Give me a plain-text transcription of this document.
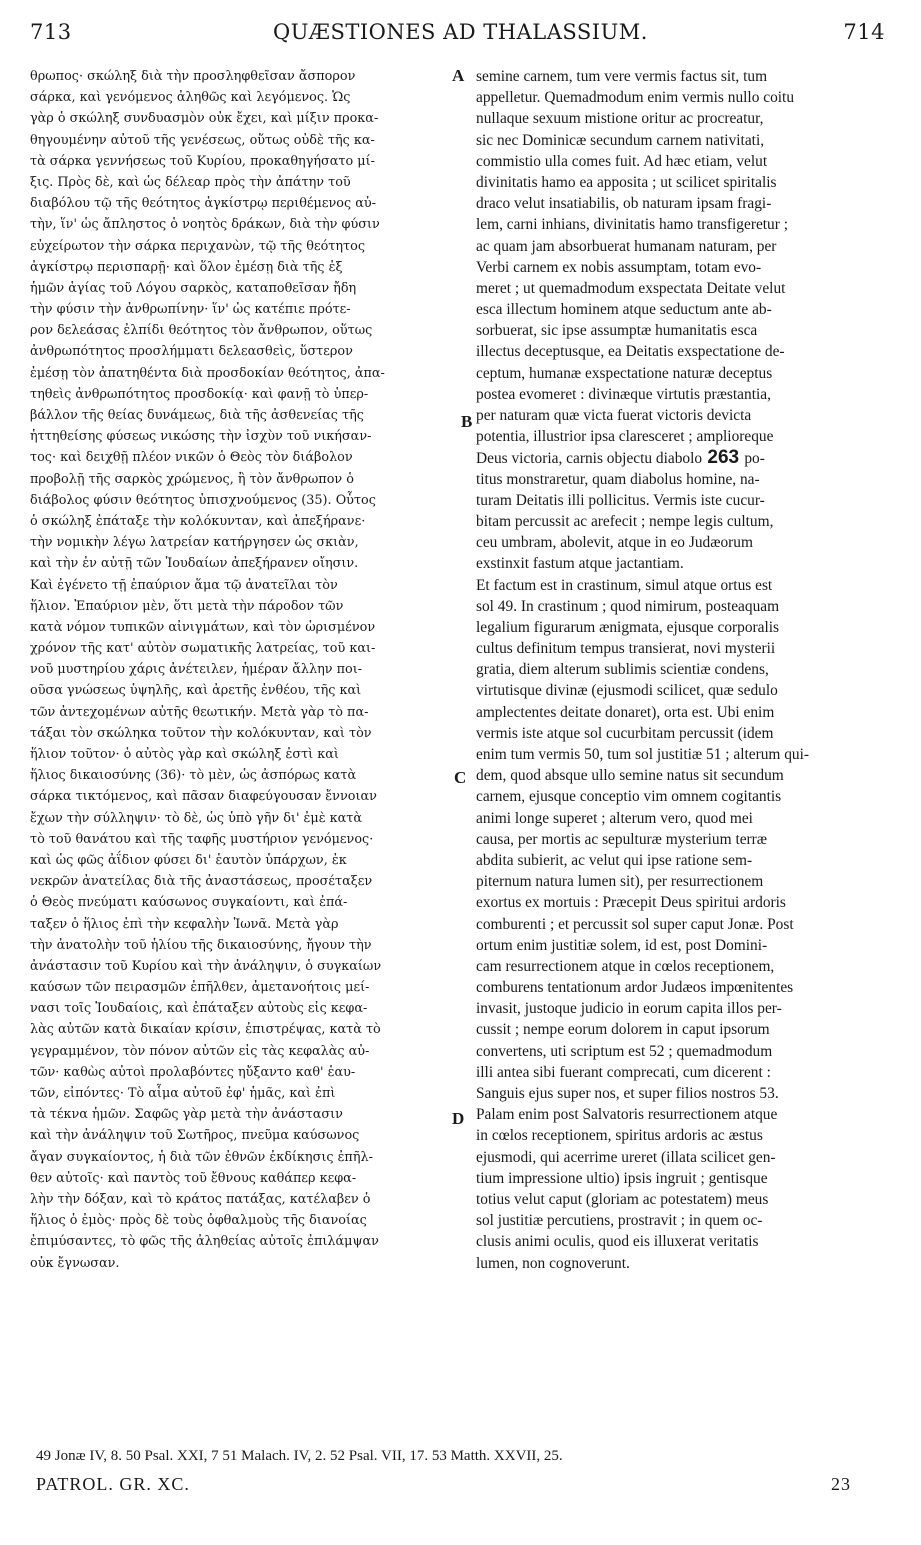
713	QUÆSTIONES AD THALASSIUM.	714
θρωπος· σκώληξ διὰ τὴν προσληφθεῖσαν ἄσπορον
σάρκα, καὶ γενόμενος ἀληθῶς καὶ λεγόμενος. Ὡς
γὰρ ὁ σκώληξ συνδυασμὸν οὐκ ἔχει, καὶ μίξιν προκα-
θηγουμένην αὐτοῦ τῆς γενέσεως, οὕτως οὐδὲ τῆς κα-
τὰ σάρκα γεννήσεως τοῦ Κυρίου, προκαθηγήσατο μί-
ξις. Πρὸς δὲ, καὶ ὡς δέλεαρ πρὸς τὴν ἀπάτην τοῦ
διαβόλου τῷ τῆς θεότητος ἀγκίστρῳ περιθέμενος αὐ-
τὴν, ἵν' ὡς ἄπληστος ὁ νοητὸς δράκων, διὰ τὴν φύσιν
εὐχείρωτον τὴν σάρκα περιχανὼν, τῷ τῆς θεότητος
ἀγκίστρῳ περισπαρῇ· καὶ ὅλον ἐμέσῃ διὰ τῆς ἐξ
ἡμῶν ἁγίας τοῦ Λόγου σαρκὸς, καταποθεῖσαν ἤδη
τὴν φύσιν τὴν ἀνθρωπίνην· ἵν' ὡς κατέπιε πρότε-
ρον δελεάσας ἐλπίδι θεότητος τὸν ἄνθρωπον, οὕτως
ἀνθρωπότητος προσλήμματι δελεασθεὶς, ὕστερον
ἐμέσῃ τὸν ἀπατηθέντα διὰ προσδοκίαν θεότητος, ἀπα-
τηθεὶς ἀνθρωπότητος προσδοκίᾳ· καὶ φανῇ τὸ ὑπερ-
βάλλον τῆς θείας δυνάμεως, διὰ τῆς ἀσθενείας τῆς
ἡττηθείσης φύσεως νικώσης τὴν ἰσχὺν τοῦ νικήσαν-
τος· καὶ δειχθῇ πλέον νικῶν ὁ Θεὸς τὸν διάβολον
προβολῇ τῆς σαρκὸς χρώμενος, ἢ τὸν ἄνθρωπον ὁ
διάβολος φύσιν θεότητος ὑπισχνούμενος (35). Οὗτος
ὁ σκώληξ ἐπάταξε τὴν κολόκυνταν, καὶ ἀπεξήρανε·
τὴν νομικὴν λέγω λατρείαν κατήργησεν ὡς σκιὰν,
καὶ τὴν ἐν αὐτῇ τῶν Ἰουδαίων ἀπεξήρανεν οἴησιν.
Καὶ ἐγένετο τῇ ἐπαύριον ἅμα τῷ ἀνατεῖλαι τὸν
ἥλιον. Ἐπαύριον μὲν, ὅτι μετὰ τὴν πάροδον τῶν
κατὰ νόμον τυπικῶν αἰνιγμάτων, καὶ τὸν ὡρισμένον
χρόνον τῆς κατ' αὐτὸν σωματικῆς λατρείας, τοῦ και-
νοῦ μυστηρίου χάρις ἀνέτειλεν, ἡμέραν ἄλλην ποι-
οῦσα γνώσεως ὑψηλῆς, καὶ ἀρετῆς ἐνθέου, τῆς καὶ
τῶν ἀντεχομένων αὐτῆς θεωτικήν. Μετὰ γὰρ τὸ πα-
τάξαι τὸν σκώληκα τοῦτον τὴν κολόκυνταν, καὶ τὸν
ἥλιον τοῦτον· ὁ αὐτὸς γὰρ καὶ σκώληξ ἐστὶ καὶ
ἥλιος δικαιοσύνης (36)· τὸ μὲν, ὡς ἀσπόρως κατὰ
σάρκα τικτόμενος, καὶ πᾶσαν διαφεύγουσαν ἔννοιαν
ἔχων τὴν σύλληψιν· τὸ δὲ, ὡς ὑπὸ γῆν δι' ἐμὲ κατὰ
τὸ τοῦ θανάτου καὶ τῆς ταφῆς μυστήριον γενόμενος·
καὶ ὡς φῶς ἀΐδιον φύσει δι' ἑαυτὸν ὑπάρχων, ἐκ
νεκρῶν ἀνατείλας διὰ τῆς ἀναστάσεως, προσέταξεν
ὁ Θεὸς πνεύματι καύσωνος συγκαίοντι, καὶ ἐπά-
ταξεν ὁ ἥλιος ἐπὶ τὴν κεφαλὴν Ἰωνᾶ. Μετὰ γὰρ
τὴν ἀνατολὴν τοῦ ἡλίου τῆς δικαιοσύνης, ἤγουν τὴν
ἀνάστασιν τοῦ Κυρίου καὶ τὴν ἀνάληψιν, ὁ συγκαίων
καύσων τῶν πειρασμῶν ἐπῆλθεν, ἀμετανοήτοις μεί-
νασι τοῖς Ἰουδαίοις, καὶ ἐπάταξεν αὐτοὺς εἰς κεφα-
λὰς αὐτῶν κατὰ δικαίαν κρίσιν, ἐπιστρέψας, κατὰ τὸ
γεγραμμένον, τὸν πόνον αὐτῶν εἰς τὰς κεφαλὰς αὐ-
τῶν· καθὼς αὐτοὶ προλαβόντες ηὔξαντο καθ' ἑαυ-
τῶν, εἰπόντες· Τὸ αἷμα αὐτοῦ ἐφ' ἡμᾶς, καὶ ἐπὶ
τὰ τέκνα ἡμῶν. Σαφῶς γὰρ μετὰ τὴν ἀνάστασιν
καὶ τὴν ἀνάληψιν τοῦ Σωτῆρος, πνεῦμα καύσωνος
ἄγαν συγκαίοντος, ἡ διὰ τῶν ἐθνῶν ἐκδίκησις ἐπῆλ-
θεν αὐτοῖς· καὶ παντὸς τοῦ ἔθνους καθάπερ κεφα-
λὴν τὴν δόξαν, καὶ τὸ κράτος πατάξας, κατέλαβεν ὁ
ἥλιος ὁ ἐμὸς· πρὸς δὲ τοὺς ὀφθαλμοὺς τῆς διανοίας
ἐπιμύσαντες, τὸ φῶς τῆς ἀληθείας αὐτοῖς ἐπιλάμψαν
οὐκ ἔγνωσαν.
A
B
C
D
semine carnem, tum vere vermis factus sit, tum
appelletur. Quemadmodum enim vermis nullo coitu
nullaque sexuum mistione oritur ac procreatur,
sic nec Dominicæ secundum carnem nativitati,
commistio ulla comes fuit. Ad hæc etiam, velut
divinitatis hamo ea apposita ; ut scilicet spiritalis
draco velut insatiabilis, ob naturam ipsam fragi-
lem, carni inhians, divinitatis hamo transfigeretur ;
ac quam jam absorbuerat humanam naturam, per
Verbi carnem ex nobis assumptam, totam evo-
meret ; ut quemadmodum exspectata Deitate velut
esca illectum hominem atque seductum ante ab-
sorbuerat, sic ipse assumptæ humanitatis esca
illectus deceptusque, ea Deitatis exspectatione de-
ceptum, humanæ exspectatione naturæ deceptus
postea evomeret : divinæque virtutis præstantia,
per naturam quæ victa fuerat victoris devicta
potentia, illustrior ipsa claresceret ; amplioreque
Deus victoria, carnis objectu diabolo 263 po-
titus monstraretur, quam diabolus homine, na-
turam Deitatis illi pollicitus. Vermis iste cucur-
bitam percussit ac arefecit ; nempe legis cultum,
ceu umbram, abolevit, atque in eo Judæorum
exstinxit fastum atque jactantiam.
Et factum est in crastinum, simul atque ortus est
sol 49. In crastinum ; quod nimirum, posteaquam
legalium figurarum ænigmata, ejusque corporalis
cultus definitum tempus transierat, novi mysterii
gratia, diem alterum sublimis scientiæ condens,
virtutisque divinæ (ejusmodi scilicet, quæ sedulo
amplectentes deitate donaret), orta est. Ubi enim
vermis iste atque sol cucurbitam percussit (idem
enim tum vermis 50, tum sol justitiæ 51 ; alterum qui-
dem, quod absque ullo semine natus sit secundum
carnem, ejusque conceptio vim omnem cogitantis
animi longe superet ; alterum vero, quod mei
causa, per mortis ac sepulturæ mysterium terræ
abdita subierit, ac velut qui ipse ratione sem-
piternum natura lumen sit), per resurrectionem
exortus ex mortuis : Præcepit Deus spiritui ardoris
comburenti ; et percussit sol super caput Jonæ. Post
ortum enim justitiæ solem, id est, post Domini-
cam resurrectionem atque in cœlos receptionem,
comburens tentationum ardor Judæos impœnitentes
invasit, justoque judicio in eorum capita illos per-
cussit ; nempe eorum dolorem in caput ipsorum
convertens, uti scriptum est 52 ; quemadmodum
illi antea sibi fuerant comprecati, cum dicerent :
Sanguis ejus super nos, et super filios nostros 53.
Palam enim post Salvatoris resurrectionem atque
in cœlos receptionem, spiritus ardoris ac æstus
ejusmodi, qui acerrime ureret (illata scilicet gen-
tium impressione ultio) ipsis ingruit ; gentisque
totius velut caput (gloriam ac potestatem) meus
sol justitiæ percutiens, prostravit ; in quem oc-
clusis animi oculis, quod eis illuxerat veritatis
lumen, non cognoverunt.
49 Jonæ IV, 8. 50 Psal. XXI, 7 51 Malach. IV, 2. 52 Psal. VII, 17. 53 Matth. XXVII, 25.
PATROL. GR. XC.	23
